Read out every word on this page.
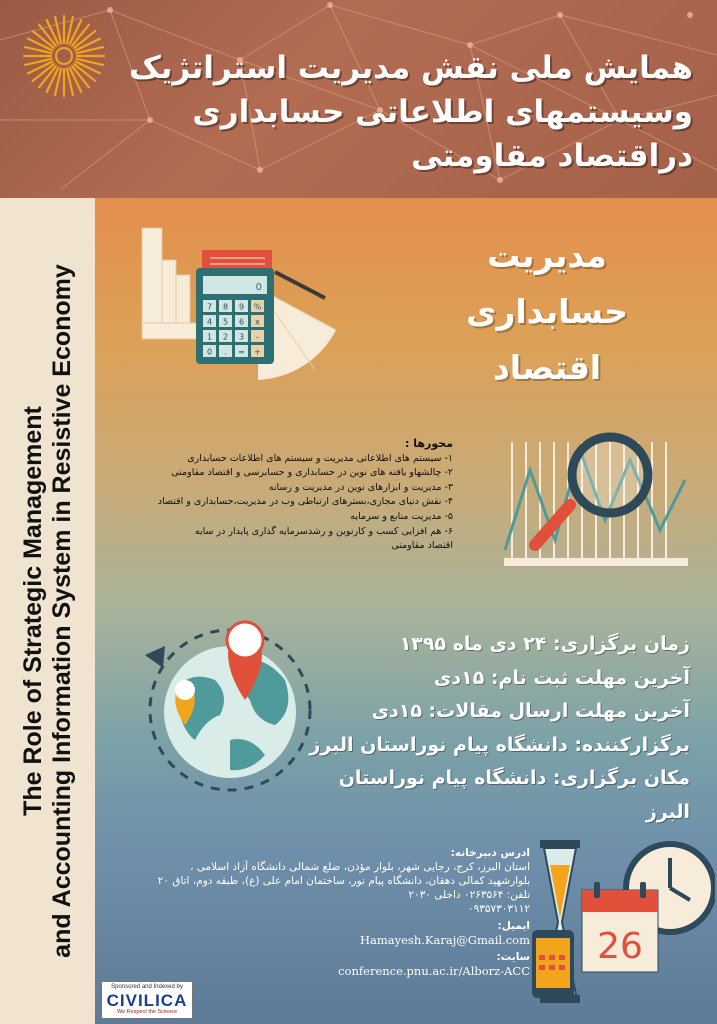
همایش ملی نقش مدیریت استراتژیک
وسیستمهای اطلاعاتی حسابداری دراقتصاد مقاومتی
The Role of Strategic Management and Accounting Information System in Resistive Economy	0
7 8 9 %
4 5 6 x
1 2 3 -
0 . = +
مدیریت
حسابداری
اقتصاد
محورها :
۱- سیستم های اطلاعاتی مدیریت و سیستم های اطلاعات حسابداری
۲- چالشهاو یافته های نوین در حسابداری و حسابرسی و اقتصاد مقاومتی
۳- مدیریت و ابزارهای نوین در مدیریت و رسانه
۴- نقش دنیای مجازی،بسترهای ارتباطی وب در مدیریت،حسابداری و اقتصاد
۵- مدیریت منابع و سرمایه
۶- هم افزایی کسب و کارنوین و رشدسرمایه گذاری پایدار در سایه
اقتصاد مقاومتی
زمان برگزاری: ۲۴ دی ماه ۱۳۹۵
آخرین مهلت ثبت نام: ۱۵دی
آخرین مهلت ارسال مقالات: ۱۵دی
برگزارکننده: دانشگاه پیام نوراستان البرز
مکان برگزاری: دانشگاه پیام نوراستان البرز
ادرس دبیرخانه:
استان البرز، کرج، رجایی شهر، بلوار مؤذن، ضلع شمالی دانشگاه آزاد اسلامی ،
بلوارشهید کمالی دهقان، دانشگاه پیام نور، ساختمان امام علی (ع)، طبقه دوم، اتاق ۲۰
تلفن: ۰۲۶۳۵۶۴ داخلی ۲۰۳۰
۰۹۳۵۷۳۰۳۱۱۲
ایمیل:
Hamayesh.Karaj@Gmail.com
سایت:
conference.pnu.ac.ir/Alborz-ACC
26
Sponsored and Indexed by
CIVILICA
We Respect the Science
